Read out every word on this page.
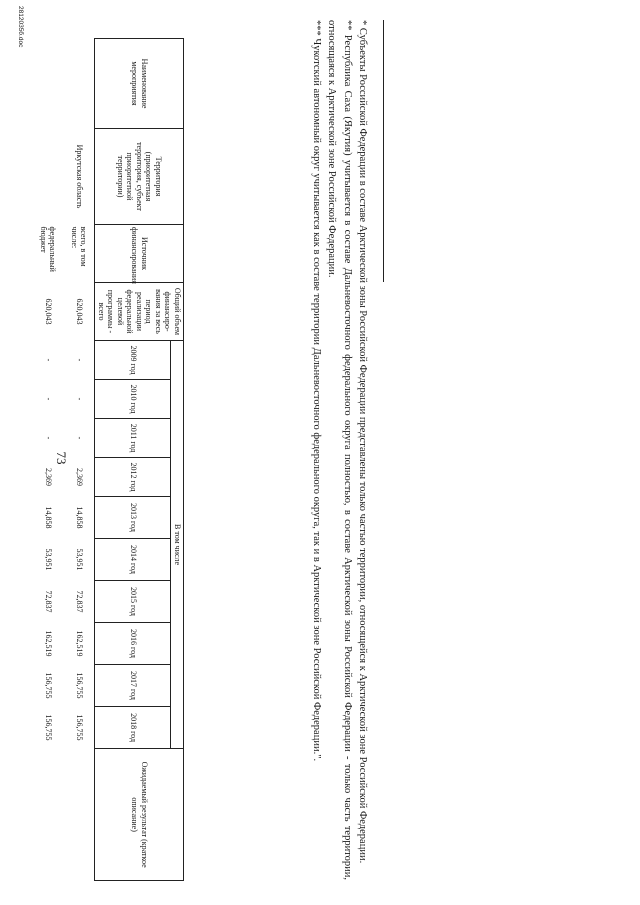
73
Наименование мероприятия	Территория (приоритетная территория, субъект приоритетной территории)	Источник финансирования	Общий объем финансиро-вания за весь период реализации федеральной целевой программы - всего	В том числе										Ожидаемый результат (краткое описание)
				2009 год	2010 год	2011 год	2012 год	2013 год	2014 год	2015 год	2016 год	2017 год	2018 год	
	Иркутская область	всего, в том числе:	620,043	-	-	-	2,369	14,858	53,951	72,837	162,519	156,755	156,755	
		федеральный бюджет	620,043	-	-	-	2,369	14,858	53,951	72,837	162,519	156,755	156,755		* Субъекты Российской Федерации в составе Арктической зоны Российской Федерации представлены только частью территории, относящейся к Арктической зоне Российской Федерации.

** Республика Саха (Якутия) учитывается в составе Дальневосточного федерального округа полностью, в составе Арктической зоны Российской Федерации - только часть территории, относящаяся к Арктической зоне Российской Федерации.

*** Чукотский автономный округ учитывается как в составе территории Дальневосточного федерального округа, так и в Арктической зоне Российской Федерации.".

2812035б.doc
